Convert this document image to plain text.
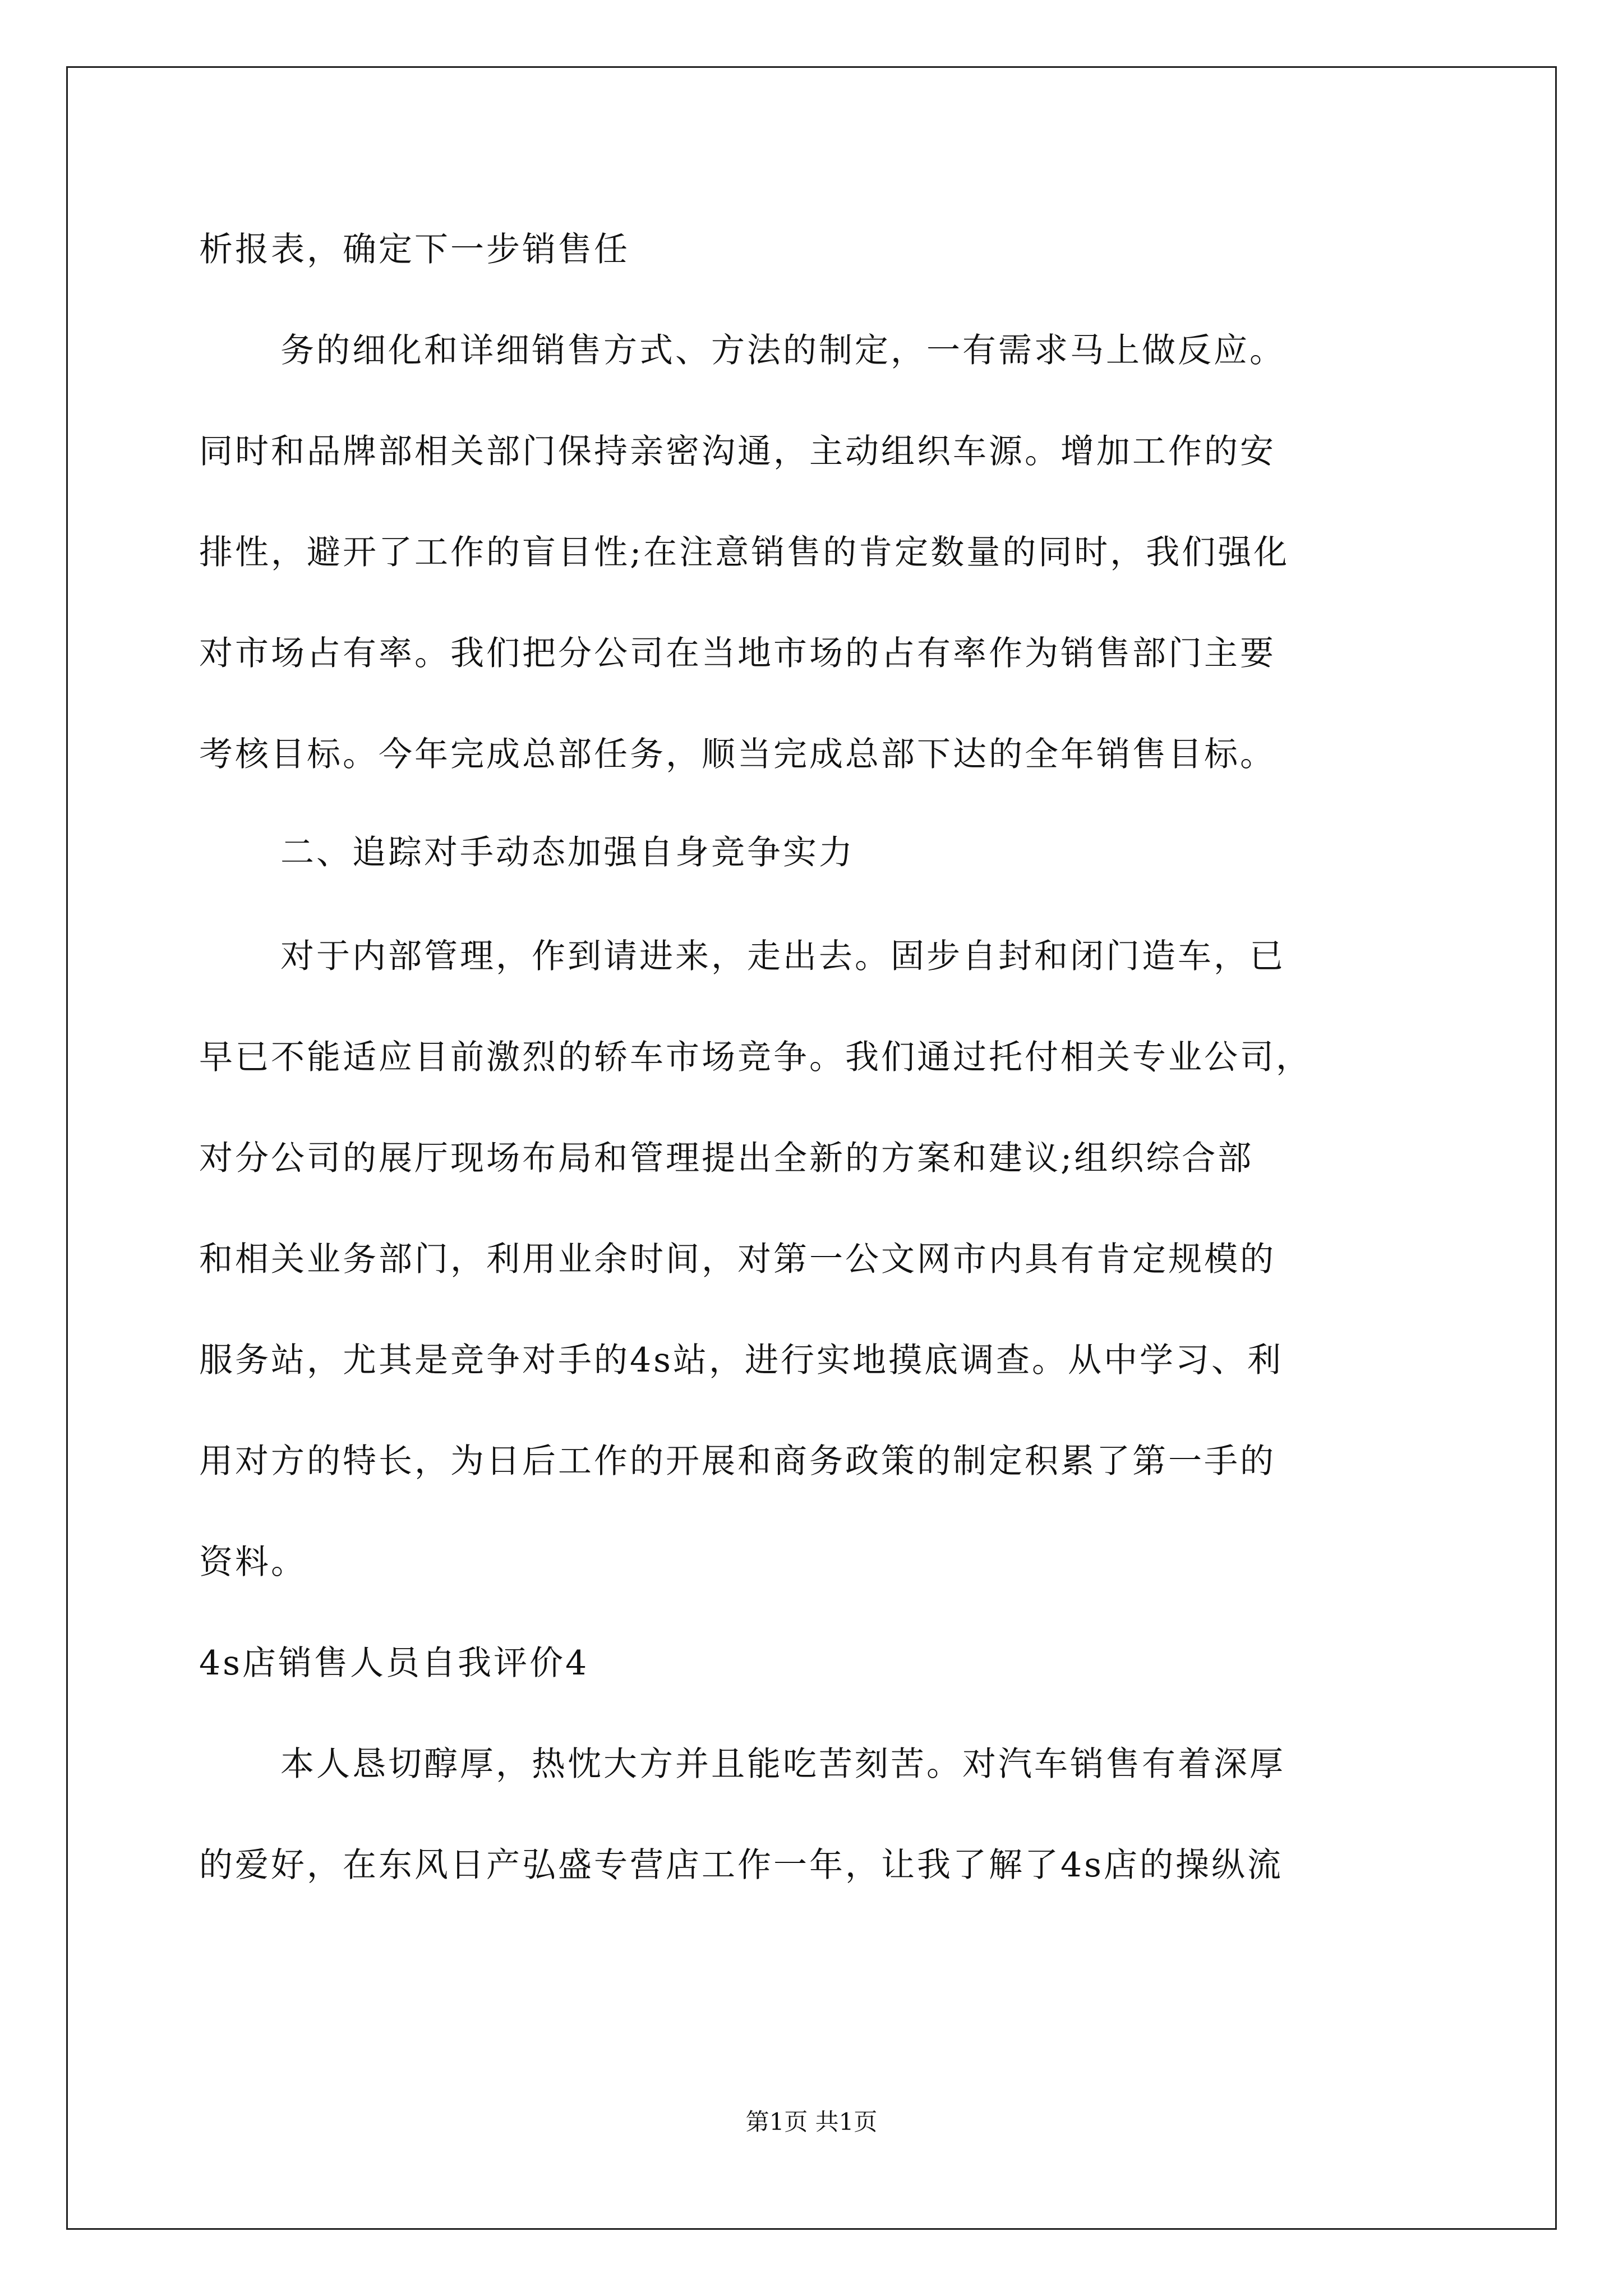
析报表，确定下一步销售任
务的细化和详细销售方式、方法的制定，一有需求马上做反应。
同时和品牌部相关部门保持亲密沟通，主动组织车源。增加工作的安
排性，避开了工作的盲目性;在注意销售的肯定数量的同时，我们强化
对市场占有率。我们把分公司在当地市场的占有率作为销售部门主要
考核目标。今年完成总部任务，顺当完成总部下达的全年销售目标。
二、追踪对手动态加强自身竞争实力
对于内部管理，作到请进来，走出去。固步自封和闭门造车，已
早已不能适应目前激烈的轿车市场竞争。我们通过托付相关专业公司，
对分公司的展厅现场布局和管理提出全新的方案和建议;组织综合部
和相关业务部门，利用业余时间，对第一公文网市内具有肯定规模的
服务站，尤其是竞争对手的4s站，进行实地摸底调查。从中学习、利
用对方的特长，为日后工作的开展和商务政策的制定积累了第一手的
资料。
4s店销售人员自我评价4
本人恳切醇厚，热忱大方并且能吃苦刻苦。对汽车销售有着深厚
的爱好，在东风日产弘盛专营店工作一年，让我了解了4s店的操纵流
第1页 共1页
